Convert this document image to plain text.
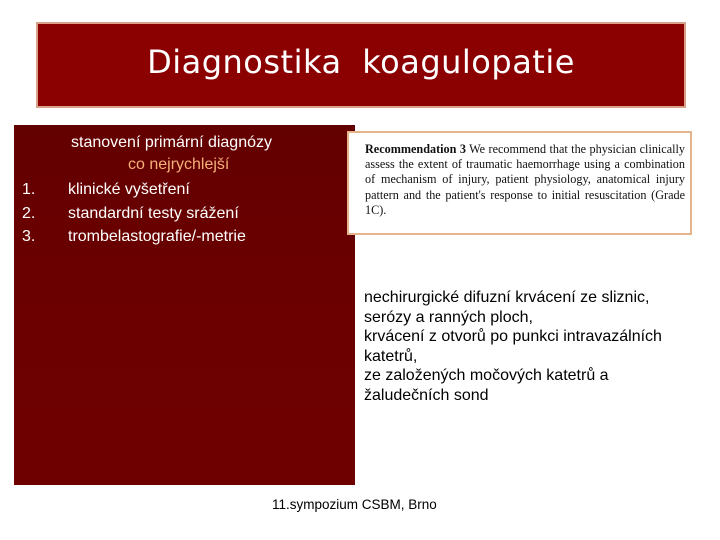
Diagnostika koagulopatie
stanovení primární diagnózy
co nejrychlejší
1. klinické vyšetření
2. standardní testy srážení
3. trombelastografie/-metrie
Recommendation 3 We recommend that the physician clinically assess the extent of traumatic haemorrhage using a combination of mechanism of injury, patient physiology, anatomical injury pattern and the patient's response to initial resuscitation (Grade 1C).
nechirurgické difuzní krvácení ze sliznic,
serózy a ranných ploch,
krvácení z otvorů po punkci intravazálních
katetrů,
ze založených močových katetrů a
žaludečních sond
11.sympozium CSBM, Brno
